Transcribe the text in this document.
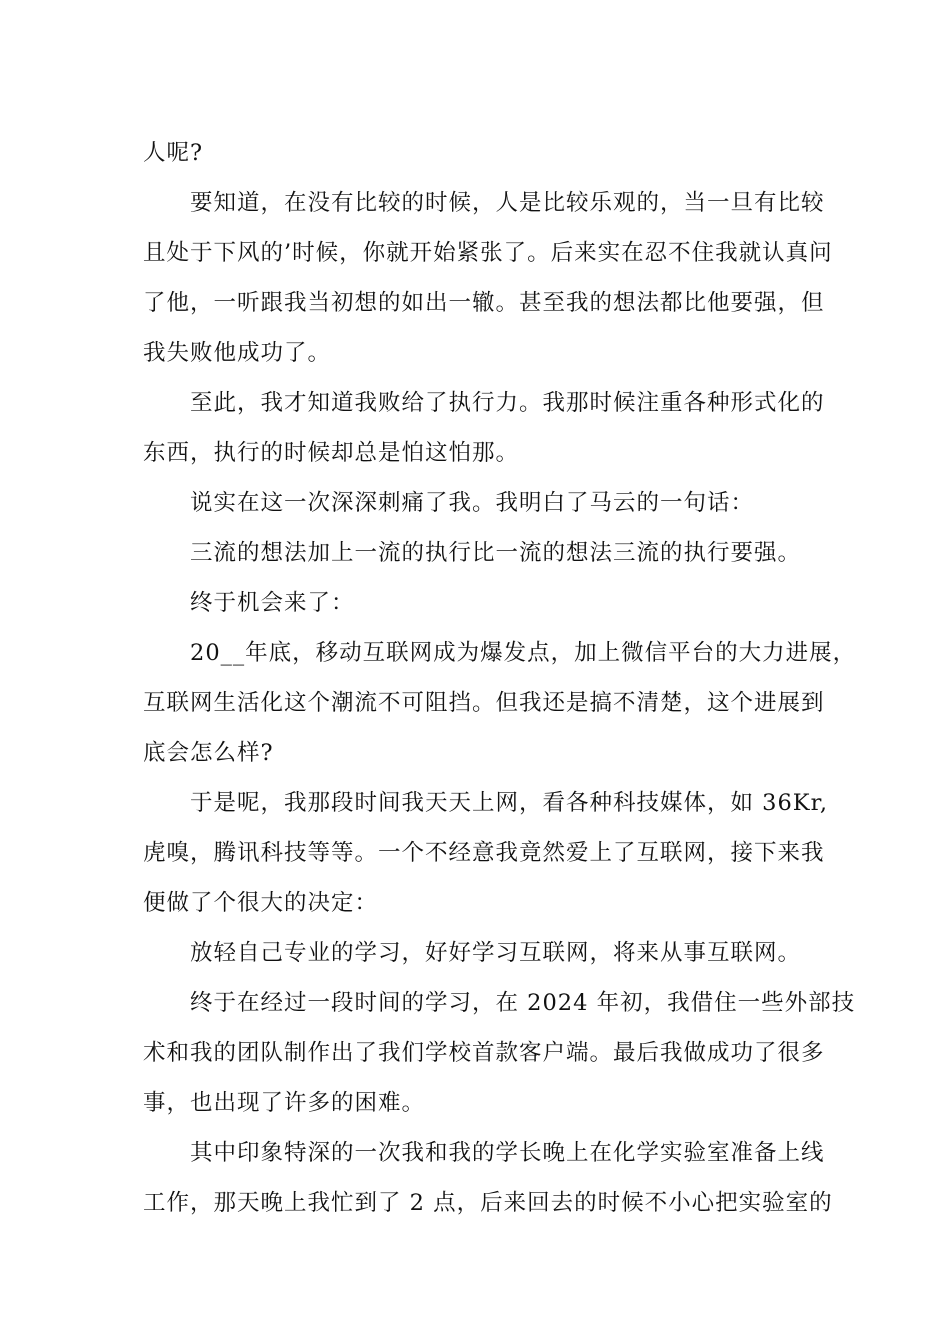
人呢?
要知道，在没有比较的时候，人是比较乐观的，当一旦有比较
且处于下风的’时候，你就开始紧张了。后来实在忍不住我就认真问
了他，一听跟我当初想的如出一辙。甚至我的想法都比他要强，但
我失败他成功了。
至此，我才知道我败给了执行力。我那时候注重各种形式化的
东西，执行的时候却总是怕这怕那。
说实在这一次深深刺痛了我。我明白了马云的一句话：
三流的想法加上一流的执行比一流的想法三流的执行要强。
终于机会来了：
20__年底，移动互联网成为爆发点，加上微信平台的大力进展，
互联网生活化这个潮流不可阻挡。但我还是搞不清楚，这个进展到
底会怎么样?
于是呢，我那段时间我天天上网，看各种科技媒体，如 36Kr,
虎嗅，腾讯科技等等。一个不经意我竟然爱上了互联网，接下来我
便做了个很大的决定：
放轻自己专业的学习，好好学习互联网，将来从事互联网。
终于在经过一段时间的学习，在 2024 年初，我借住一些外部技
术和我的团队制作出了我们学校首款客户端。最后我做成功了很多
事，也出现了许多的困难。
其中印象特深的一次我和我的学长晚上在化学实验室准备上线
工作，那天晚上我忙到了 2 点，后来回去的时候不小心把实验室的
